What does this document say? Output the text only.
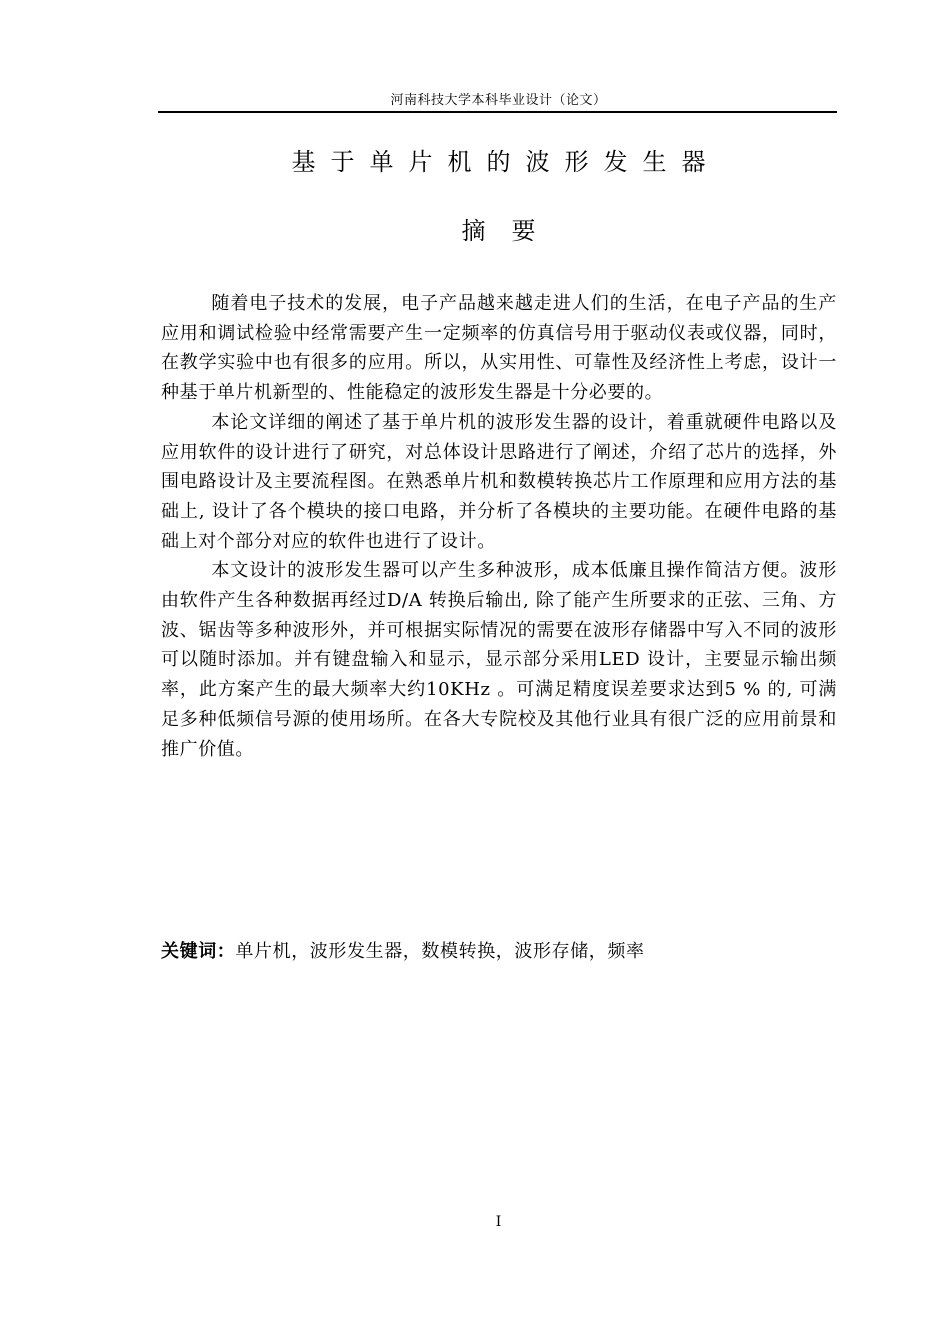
河南科技大学本科毕业设计（论文）
基于单片机的波形发生器
摘要

随着电子技术的发展，电子产品越来越走进人们的生活，在电子产品的生产应用和调试检验中经常需要产生一定频率的仿真信号用于驱动仪表或仪器，同时，在教学实验中也有很多的应用。所以，从实用性、可靠性及经济性上考虑，设计一种基于单片机新型的、性能稳定的波形发生器是十分必要的。

本论文详细的阐述了基于单片机的波形发生器的设计，着重就硬件电路以及应用软件的设计进行了研究，对总体设计思路进行了阐述，介绍了芯片的选择，外围电路设计及主要流程图。在熟悉单片机和数模转换芯片工作原理和应用方法的基础上, 设计了各个模块的接口电路，并分析了各模块的主要功能。在硬件电路的基础上对个部分对应的软件也进行了设计。

本文设计的波形发生器可以产生多种波形，成本低廉且操作简洁方便。波形由软件产生各种数据再经过D/A 转换后输出, 除了能产生所要求的正弦、三角、方波、锯齿等多种波形外，并可根据实际情况的需要在波形存储器中写入不同的波形可以随时添加。并有键盘输入和显示，显示部分采用LED 设计，主要显示输出频率，此方案产生的最大频率大约10KHz 。可满足精度误差要求达到5 % 的, 可满足多种低频信号源的使用场所。在各大专院校及其他行业具有很广泛的应用前景和推广价值。

关键词：单片机，波形发生器，数模转换，波形存储，频率
I
